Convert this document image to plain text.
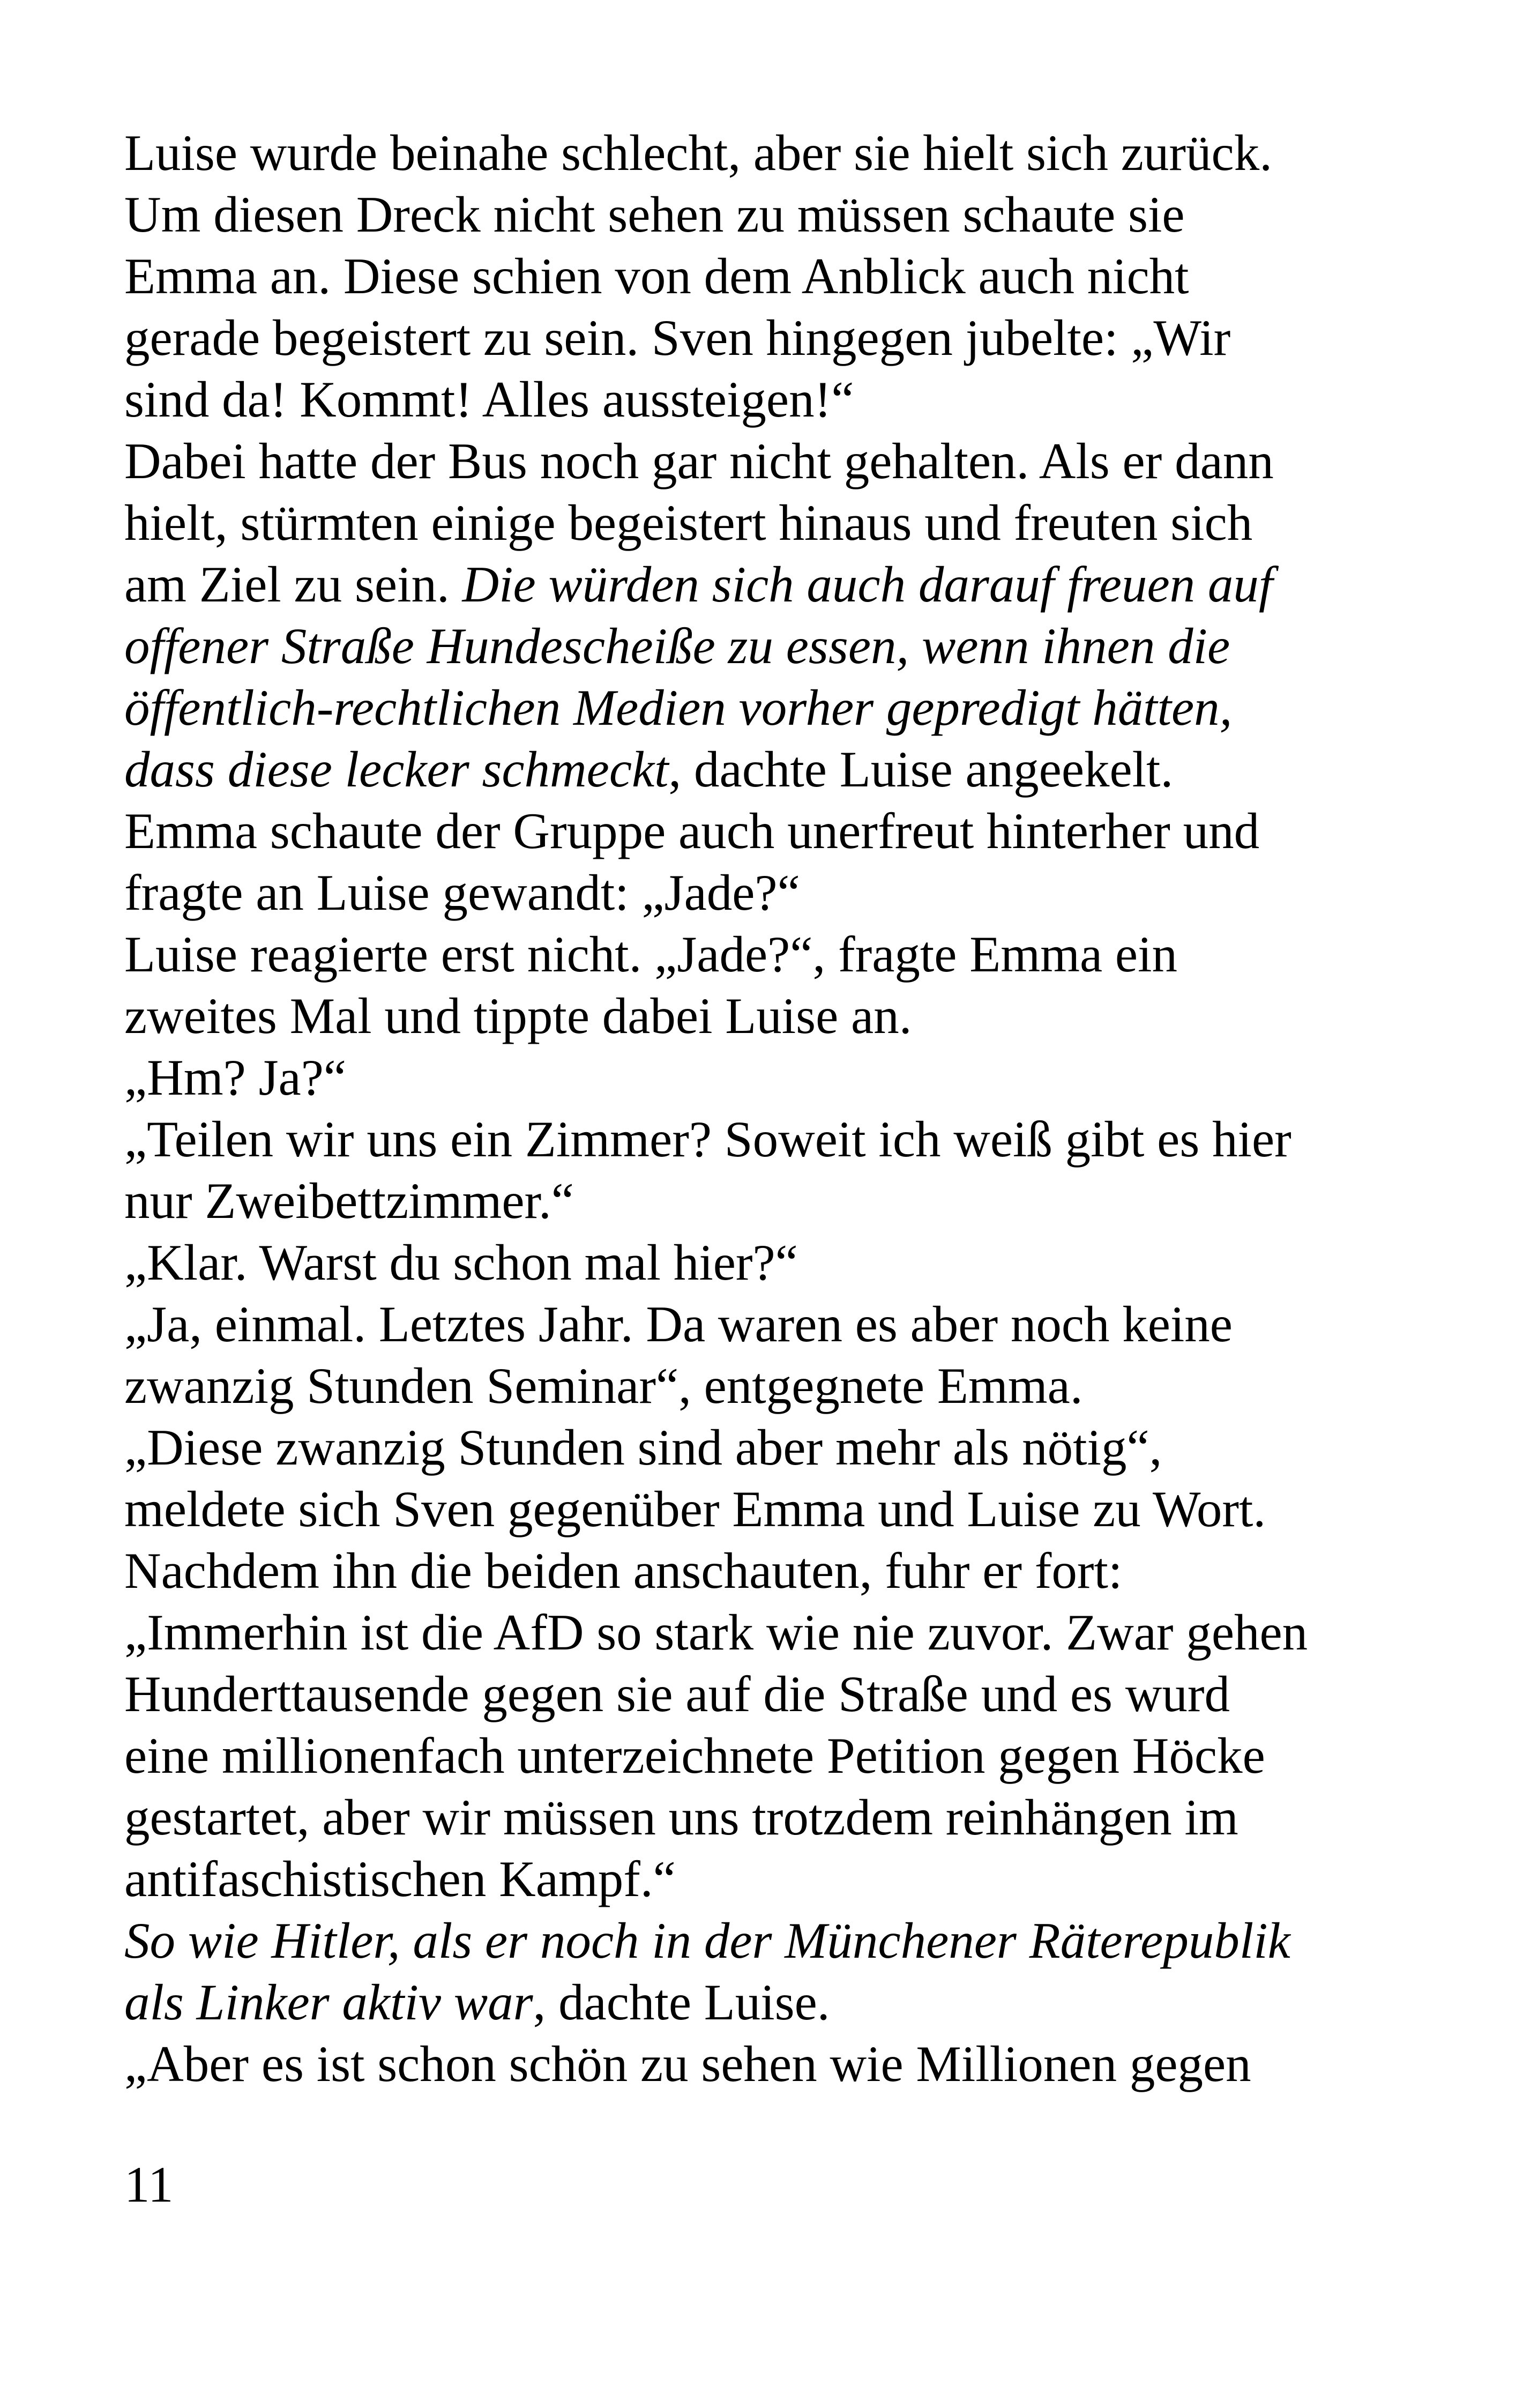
Luise wurde beinahe schlecht, aber sie hielt sich zurück.
Um diesen Dreck nicht sehen zu müssen schaute sie
Emma an. Diese schien von dem Anblick auch nicht
gerade begeistert zu sein. Sven hingegen jubelte: „Wir
sind da! Kommt! Alles aussteigen!“
Dabei hatte der Bus noch gar nicht gehalten. Als er dann
hielt, stürmten einige begeistert hinaus und freuten sich
am Ziel zu sein. Die würden sich auch darauf freuen auf
offener Straße Hundescheiße zu essen, wenn ihnen die
öffentlich-rechtlichen Medien vorher gepredigt hätten,
dass diese lecker schmeckt, dachte Luise angeekelt.
Emma schaute der Gruppe auch unerfreut hinterher und
fragte an Luise gewandt: „Jade?“
Luise reagierte erst nicht. „Jade?“, fragte Emma ein
zweites Mal und tippte dabei Luise an.
„Hm? Ja?“
„Teilen wir uns ein Zimmer? Soweit ich weiß gibt es hier
nur Zweibettzimmer.“
„Klar. Warst du schon mal hier?“
„Ja, einmal. Letztes Jahr. Da waren es aber noch keine
zwanzig Stunden Seminar“, entgegnete Emma.
„Diese zwanzig Stunden sind aber mehr als nötig“,
meldete sich Sven gegenüber Emma und Luise zu Wort.
Nachdem ihn die beiden anschauten, fuhr er fort:
„Immerhin ist die AfD so stark wie nie zuvor. Zwar gehen
Hunderttausende gegen sie auf die Straße und es wurd
eine millionenfach unterzeichnete Petition gegen Höcke
gestartet, aber wir müssen uns trotzdem reinhängen im
antifaschistischen Kampf.“
So wie Hitler, als er noch in der Münchener Räterepublik
als Linker aktiv war, dachte Luise.
„Aber es ist schon schön zu sehen wie Millionen gegen
11
